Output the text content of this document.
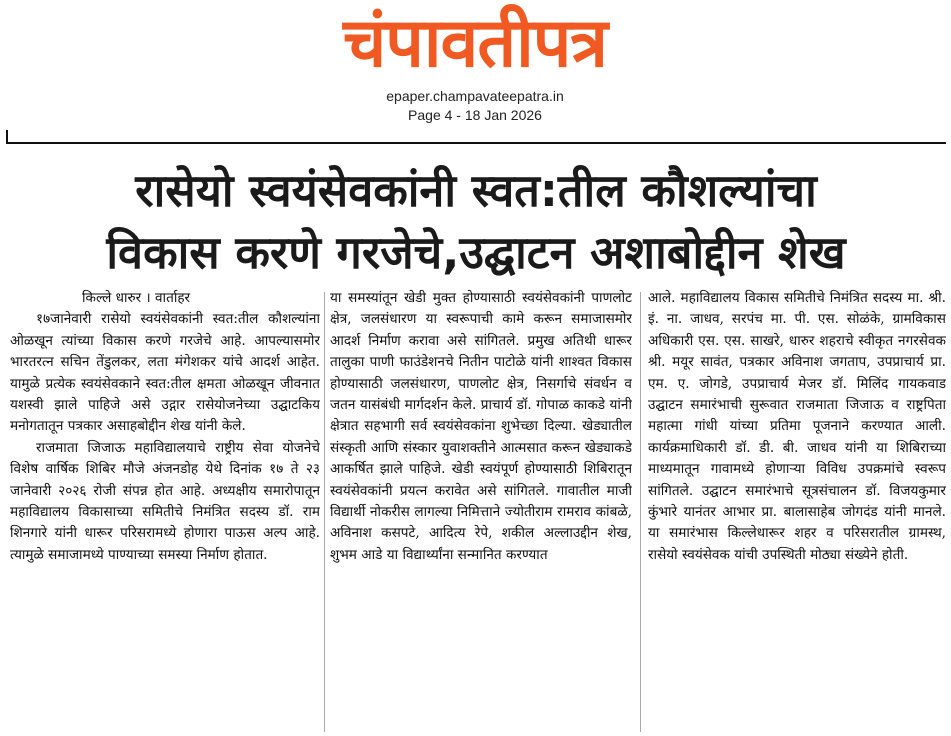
चंपावतीपत्र
epaper.champavateepatra.in
Page 4 - 18 Jan 2026
रासेयो स्वयंसेवकांनी स्वत:तील कौशल्यांचा
विकास करणे गरजेचे,उद्घाटन अशाबोद्दीन शेख

किल्ले धारुर । वार्ताहर

१७जानेवारी रासेयो स्वयंसेवकांनी स्वत:तील कौशल्यांना ओळखून त्यांच्या विकास करणे गरजेचे आहे. आपल्यासमोर भारतरत्न सचिन तेंडुलकर, लता मंगेशकर यांचे आदर्श आहेत. यामुळे प्रत्येक स्वयंसेवकाने स्वत:तील क्षमता ओळखून जीवनात यशस्वी झाले पाहिजे असे उद्गार रासेयोजनेच्या उद्घाटकिय मनोगतातून पत्रकार असाहबोद्दीन शेख यांनी केले.

राजमाता जिजाऊ महाविद्यालयाचे राष्ट्रीय सेवा योजनेचे विशेष वार्षिक शिबिर मौजे अंजनडोह येथे दिनांक १७ ते २३ जानेवारी २०२६ रोजी संपन्न होत आहे. अध्यक्षीय समारोपातून महाविद्यालय विकासाच्या समितीचे निमंत्रित सदस्य डॉ. राम शिनगारे यांनी धारूर परिसरामध्ये होणारा पाऊस अल्प आहे. त्यामुळे समाजामध्ये पाण्याच्या समस्या निर्माण होतात.

या समस्यांतून खेडी मुक्त होण्यासाठी स्वयंसेवकांनी पाणलोट क्षेत्र, जलसंधारण या स्वरूपाची कामे करून समाजासमोर आदर्श निर्माण करावा असे सांगितले. प्रमुख अतिथी धारूर तालुका पाणी फाउंडेशनचे नितीन पाटोळे यांनी शाश्वत विकास होण्यासाठी जलसंधारण, पाणलोट क्षेत्र, निसर्गाचे संवर्धन व जतन यासंबंधी मार्गदर्शन केले. प्राचार्य डॉ. गोपाळ काकडे यांनी क्षेत्रात सहभागी सर्व स्वयंसेवकांना शुभेच्छा दिल्या. खेड्यातील संस्कृती आणि संस्कार युवाशक्तीने आत्मसात करून खेड्याकडे आकर्षित झाले पाहिजे. खेडी स्वयंपूर्ण होण्यासाठी शिबिरातून स्वयंसेवकांनी प्रयत्न करावेत असे सांगितले. गावातील माजी विद्यार्थी नोकरीस लागल्या निमित्ताने ज्योतीराम रामराव कांबळे, अविनाश कसपटे, आदित्य रेपे, शकील अल्लाउद्दीन शेख, शुभम आडे या विद्यार्थ्यांना सन्मानित करण्यात

आले. महाविद्यालय विकास समितीचे निमंत्रित सदस्य मा. श्री. इं. ना. जाधव, सरपंच मा. पी. एस. सोळंके, ग्रामविकास अधिकारी एस. एस. साखरे, धारुर शहराचे स्वीकृत नगरसेवक श्री. मयूर सावंत, पत्रकार अविनाश जगताप, उपप्राचार्य प्रा. एम. ए. जोगडे, उपप्राचार्य मेजर डॉ. मिलिंद गायकवाड उद्घाटन समारंभाची सुरूवात राजमाता जिजाऊ व राष्ट्रपिता महात्मा गांधी यांच्या प्रतिमा पूजनाने करण्यात आली. कार्यक्रमाधिकारी डॉ. डी. बी. जाधव यांनी या शिबिराच्या माध्यमातून गावामध्ये होणाऱ्या विविध उपक्रमांचे स्वरूप सांगितले. उद्घाटन समारंभाचे सूत्रसंचालन डॉ. विजयकुमार कुंभारे यानंतर आभार प्रा. बालासाहेब जोगदंड यांनी मानले. या समारंभास किल्लेधारूर शहर व परिसरातील ग्रामस्थ, रासेयो स्वयंसेवक यांची उपस्थिती मोठ्या संख्येने होती.
